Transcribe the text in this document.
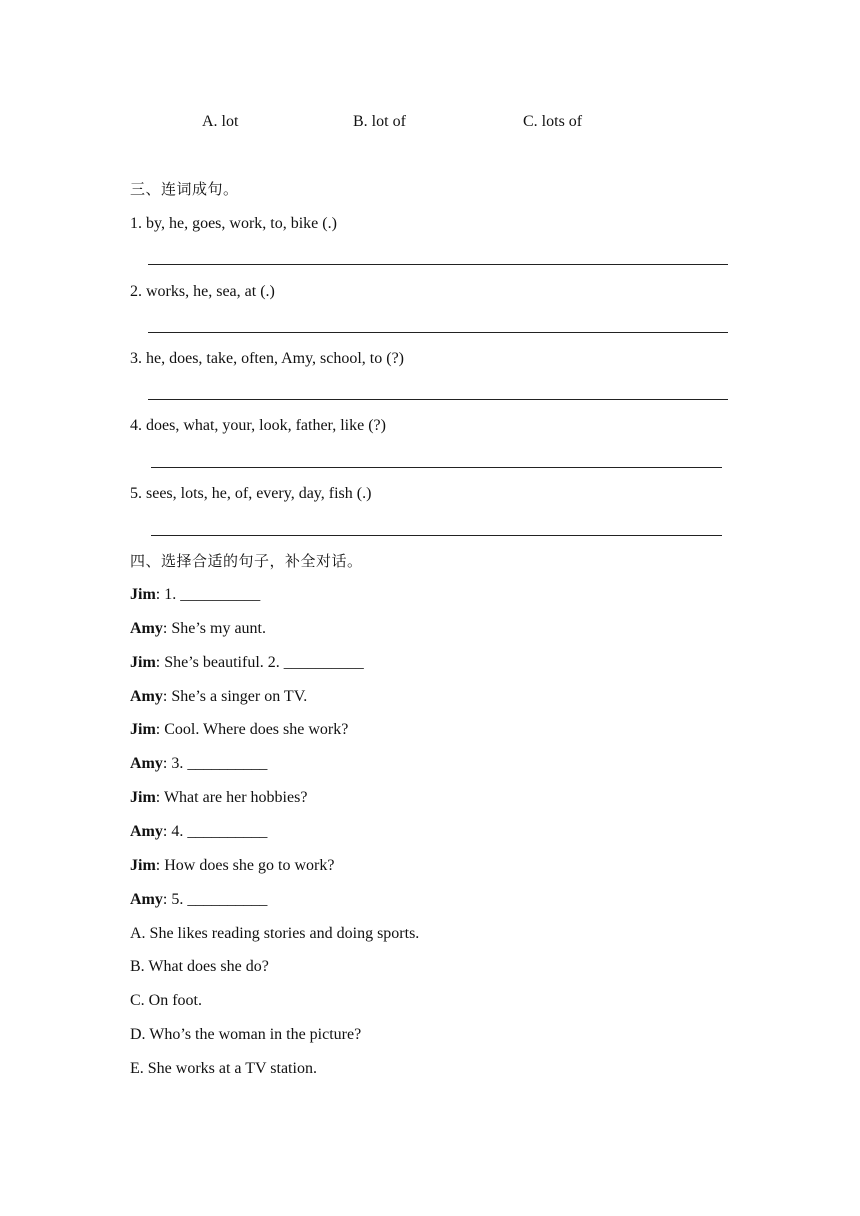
A. lot	B. lot of	C. lots of
三、连词成句。
1. by, he, goes, work, to, bike (.)
2. works, he, sea, at (.)
3. he, does, take, often, Amy, school, to (?)
4. does, what, your, look, father, like (?)
5. sees, lots, he, of, every, day, fish (.)
四、选择合适的句子，补全对话。
Jim: 1. __________
Amy: She’s my aunt.
Jim: She’s beautiful. 2. __________
Amy: She’s a singer on TV.
Jim: Cool. Where does she work?
Amy: 3. __________
Jim: What are her hobbies?
Amy: 4. __________
Jim: How does she go to work?
Amy: 5. __________
A. She likes reading stories and doing sports.
B. What does she do?
C. On foot.
D. Who’s the woman in the picture?
E. She works at a TV station.
